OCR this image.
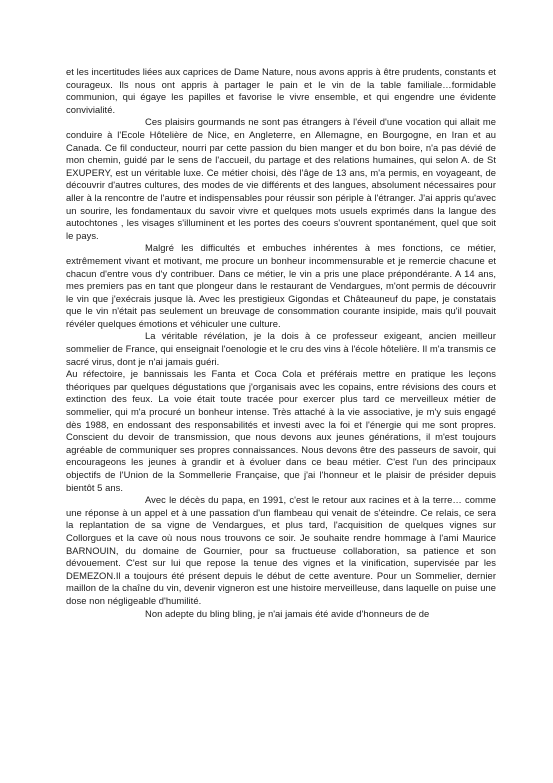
et les incertitudes liées aux caprices de Dame Nature, nous avons appris à être prudents, constants et courageux. Ils nous ont appris à partager le pain et le vin de la table familiale…formidable communion, qui égaye les papilles et favorise le vivre ensemble, et qui engendre une évidente convivialité.

Ces plaisirs gourmands ne sont pas étrangers à l'éveil d'une vocation qui allait me conduire à l'Ecole Hôtelière de Nice, en Angleterre, en Allemagne, en Bourgogne, en Iran et au Canada. Ce fil conducteur, nourri par cette passion du bien manger et du bon boire, n'a pas dévié de mon chemin, guidé par le sens de l'accueil, du partage et des relations humaines, qui selon A. de St EXUPERY, est un véritable luxe. Ce métier choisi, dès l'âge de 13 ans, m'a permis, en voyageant, de découvrir d'autres cultures, des modes de vie différents et des langues, absolument nécessaires pour aller à la rencontre de l'autre et indispensables pour réussir son périple à l'étranger. J'ai appris qu'avec un sourire, les fondamentaux du savoir vivre et quelques mots usuels exprimés dans la langue des autochtones , les visages s'illuminent et les portes des coeurs s'ouvrent spontanément, quel que soit le pays.

Malgré les difficultés et embuches inhérentes à mes fonctions, ce métier, extrêmement vivant et motivant, me procure un bonheur incommensurable et je remercie chacune et chacun d'entre vous d'y contribuer. Dans ce métier, le vin a pris une place prépondérante. A 14 ans, mes premiers pas en tant que plongeur dans le restaurant de Vendargues, m'ont permis de découvrir le vin que j'exécrais jusque là. Avec les prestigieux Gigondas et Châteauneuf du pape, je constatais que le vin n'était pas seulement un breuvage de consommation courante insipide, mais qu'il pouvait révéler quelques émotions et véhiculer une culture.

La véritable révélation, je la dois à ce professeur exigeant, ancien meilleur sommelier de France, qui enseignait l'oenologie et le cru des vins à l'école hôtelière. Il m'a transmis ce sacré virus, dont je n'ai jamais guéri.

Au réfectoire, je bannissais les Fanta et Coca Cola et préférais mettre en pratique les leçons théoriques par quelques dégustations que j'organisais avec les copains, entre révisions des cours et extinction des feux. La voie était toute tracée pour exercer plus tard ce merveilleux métier de sommelier, qui m'a procuré un bonheur intense. Très attaché à la vie associative, je m'y suis engagé dès 1988, en endossant des responsabilités et investi avec la foi et l'énergie qui me sont propres. Conscient du devoir de transmission, que nous devons aux jeunes générations, il m'est toujours agréable de communiquer ses propres connaissances. Nous devons être des passeurs de savoir, qui encourageons les jeunes à grandir et à évoluer dans ce beau métier. C'est l'un des principaux objectifs de l'Union de la Sommellerie Française, que j'ai l'honneur et le plaisir de présider depuis bientôt 5 ans.

Avec le décès du papa, en 1991, c'est le retour aux racines et à la terre… comme une réponse à un appel et à une passation d'un flambeau qui venait de s'éteindre. Ce relais, ce sera la replantation de sa vigne de Vendargues, et plus tard, l'acquisition de quelques vignes sur Collorgues et la cave où nous nous trouvons ce soir. Je souhaite rendre hommage à l'ami Maurice BARNOUIN, du domaine de Gournier, pour sa fructueuse collaboration, sa patience et son dévouement. C'est sur lui que repose la tenue des vignes et la vinification, supervisée par les DEMEZON.Il a toujours été présent depuis le début de cette aventure. Pour un Sommelier, dernier maillon de la chaîne du vin, devenir vigneron est une histoire merveilleuse, dans laquelle on puise une dose non négligeable d'humilité.

Non adepte du bling bling, je n'ai jamais été avide d'honneurs de de
